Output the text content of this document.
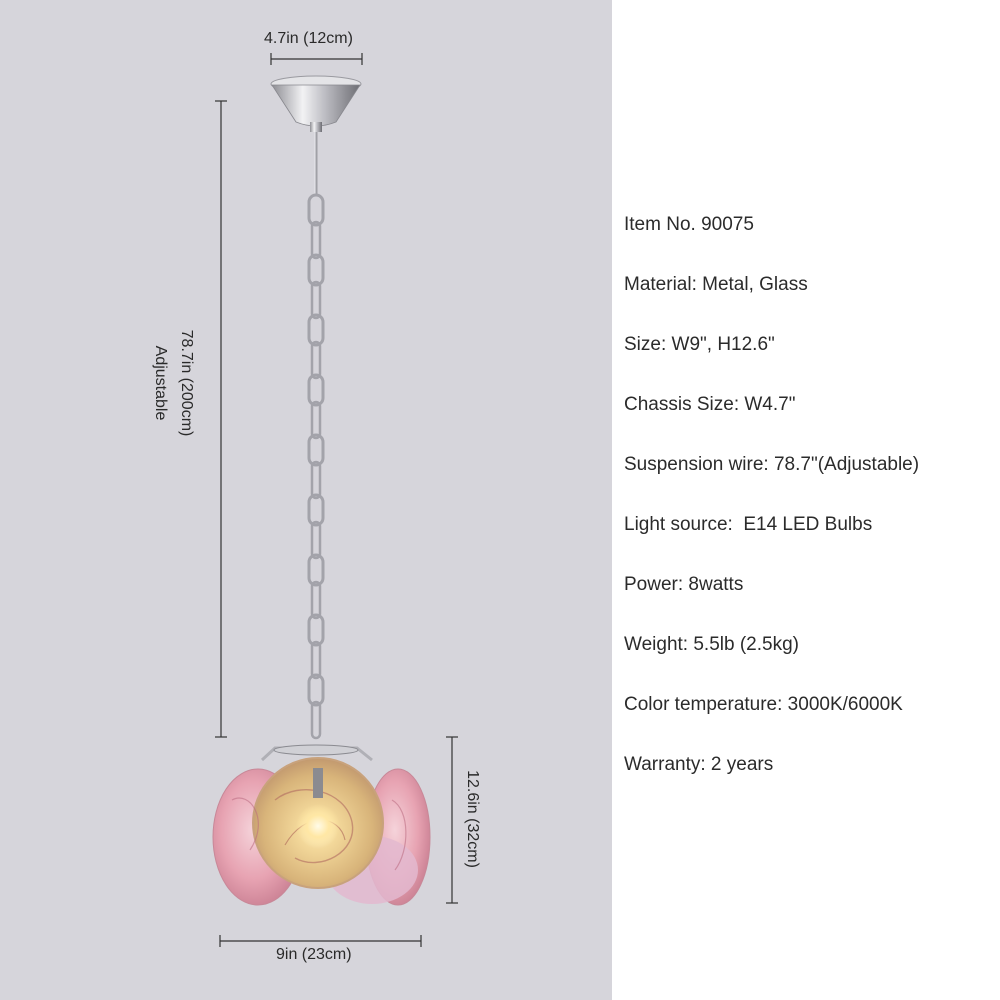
4.7in (12cm)
78.7in (200cm)
Adjustable
12.6in (32cm)
9in (23cm)
Item No. 90075
Material: Metal, Glass
Size: W9", H12.6"
Chassis Size: W4.7"
Suspension wire: 78.7"(Adjustable)
Light source:  E14 LED Bulbs
Power: 8watts
Weight: 5.5lb (2.5kg)
Color temperature: 3000K/6000K
Warranty: 2 years
